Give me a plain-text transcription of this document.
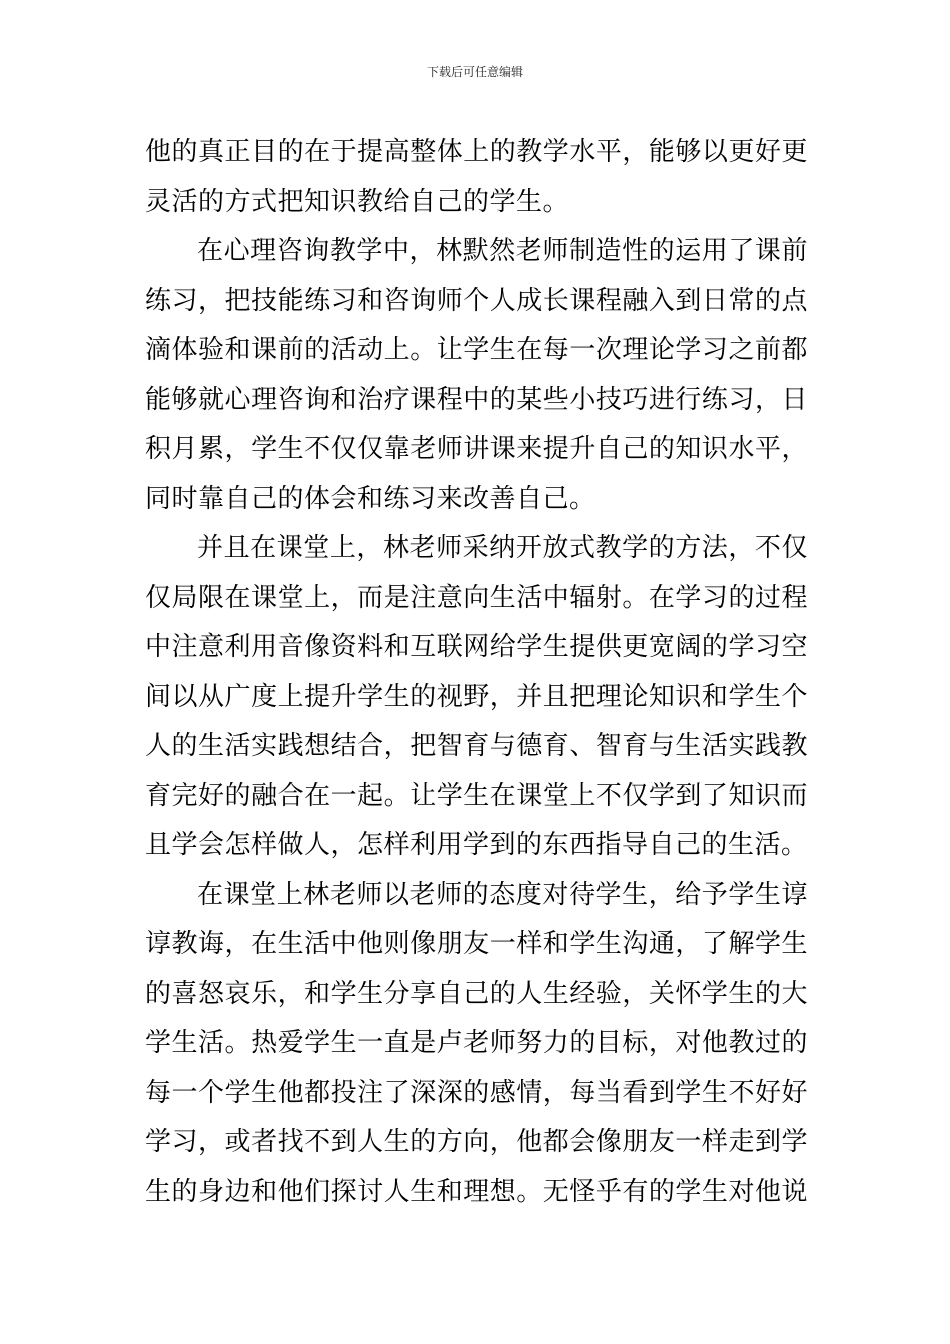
下载后可任意编辑
他的真正目的在于提高整体上的教学水平，能够以更好更
灵活的方式把知识教给自己的学生。
在心理咨询教学中，林默然老师制造性的运用了课前
练习，把技能练习和咨询师个人成长课程融入到日常的点
滴体验和课前的活动上。让学生在每一次理论学习之前都
能够就心理咨询和治疗课程中的某些小技巧进行练习，日
积月累，学生不仅仅靠老师讲课来提升自己的知识水平，
同时靠自己的体会和练习来改善自己。
并且在课堂上，林老师采纳开放式教学的方法，不仅
仅局限在课堂上，而是注意向生活中辐射。在学习的过程
中注意利用音像资料和互联网给学生提供更宽阔的学习空
间以从广度上提升学生的视野，并且把理论知识和学生个
人的生活实践想结合，把智育与德育、智育与生活实践教
育完好的融合在一起。让学生在课堂上不仅学到了知识而
且学会怎样做人，怎样利用学到的东西指导自己的生活。
在课堂上林老师以老师的态度对待学生，给予学生谆
谆教诲，在生活中他则像朋友一样和学生沟通，了解学生
的喜怒哀乐，和学生分享自己的人生经验，关怀学生的大
学生活。热爱学生一直是卢老师努力的目标，对他教过的
每一个学生他都投注了深深的感情，每当看到学生不好好
学习，或者找不到人生的方向，他都会像朋友一样走到学
生的身边和他们探讨人生和理想。无怪乎有的学生对他说
